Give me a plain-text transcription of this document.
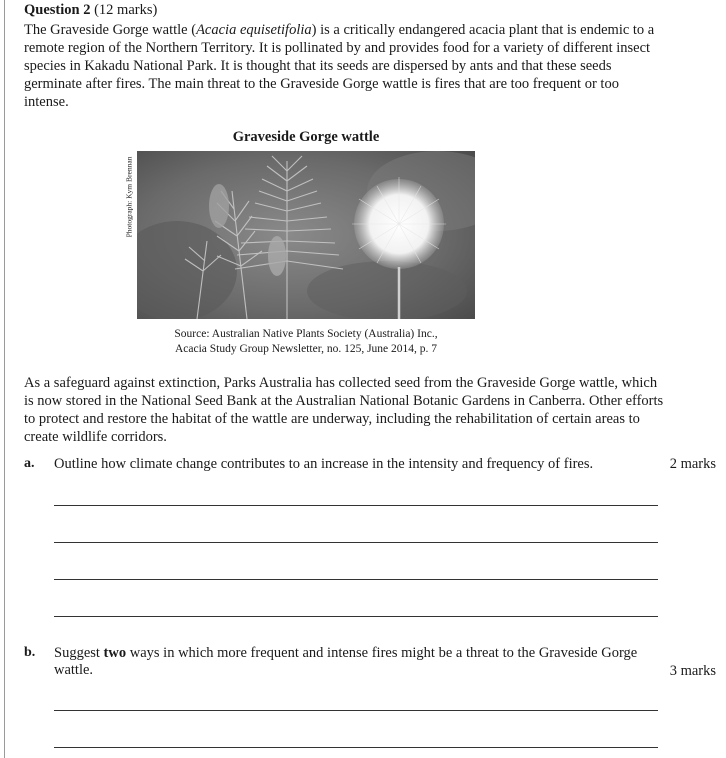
Question 2 (12 marks)
The Graveside Gorge wattle (Acacia equisetifolia) is a critically endangered acacia plant that is endemic to a remote region of the Northern Territory. It is pollinated by and provides food for a variety of different insect species in Kakadu National Park. It is thought that its seeds are dispersed by ants and that these seeds germinate after fires. The main threat to the Graveside Gorge wattle is fires that are too frequent or too intense.
Graveside Gorge wattle
Photograph: Kym Brennan
Source: Australian Native Plants Society (Australia) Inc.,
Acacia Study Group Newsletter, no. 125, June 2014, p. 7
As a safeguard against extinction, Parks Australia has collected seed from the Graveside Gorge wattle, which is now stored in the National Seed Bank at the Australian National Botanic Gardens in Canberra. Other efforts to protect and restore the habitat of the wattle are underway, including the rehabilitation of certain areas to create wildlife corridors.
a. Outline how climate change contributes to an increase in the intensity and frequency of fires.	2 marks
b. Suggest two ways in which more frequent and intense fires might be a threat to the Graveside Gorge wattle.	3 marks
